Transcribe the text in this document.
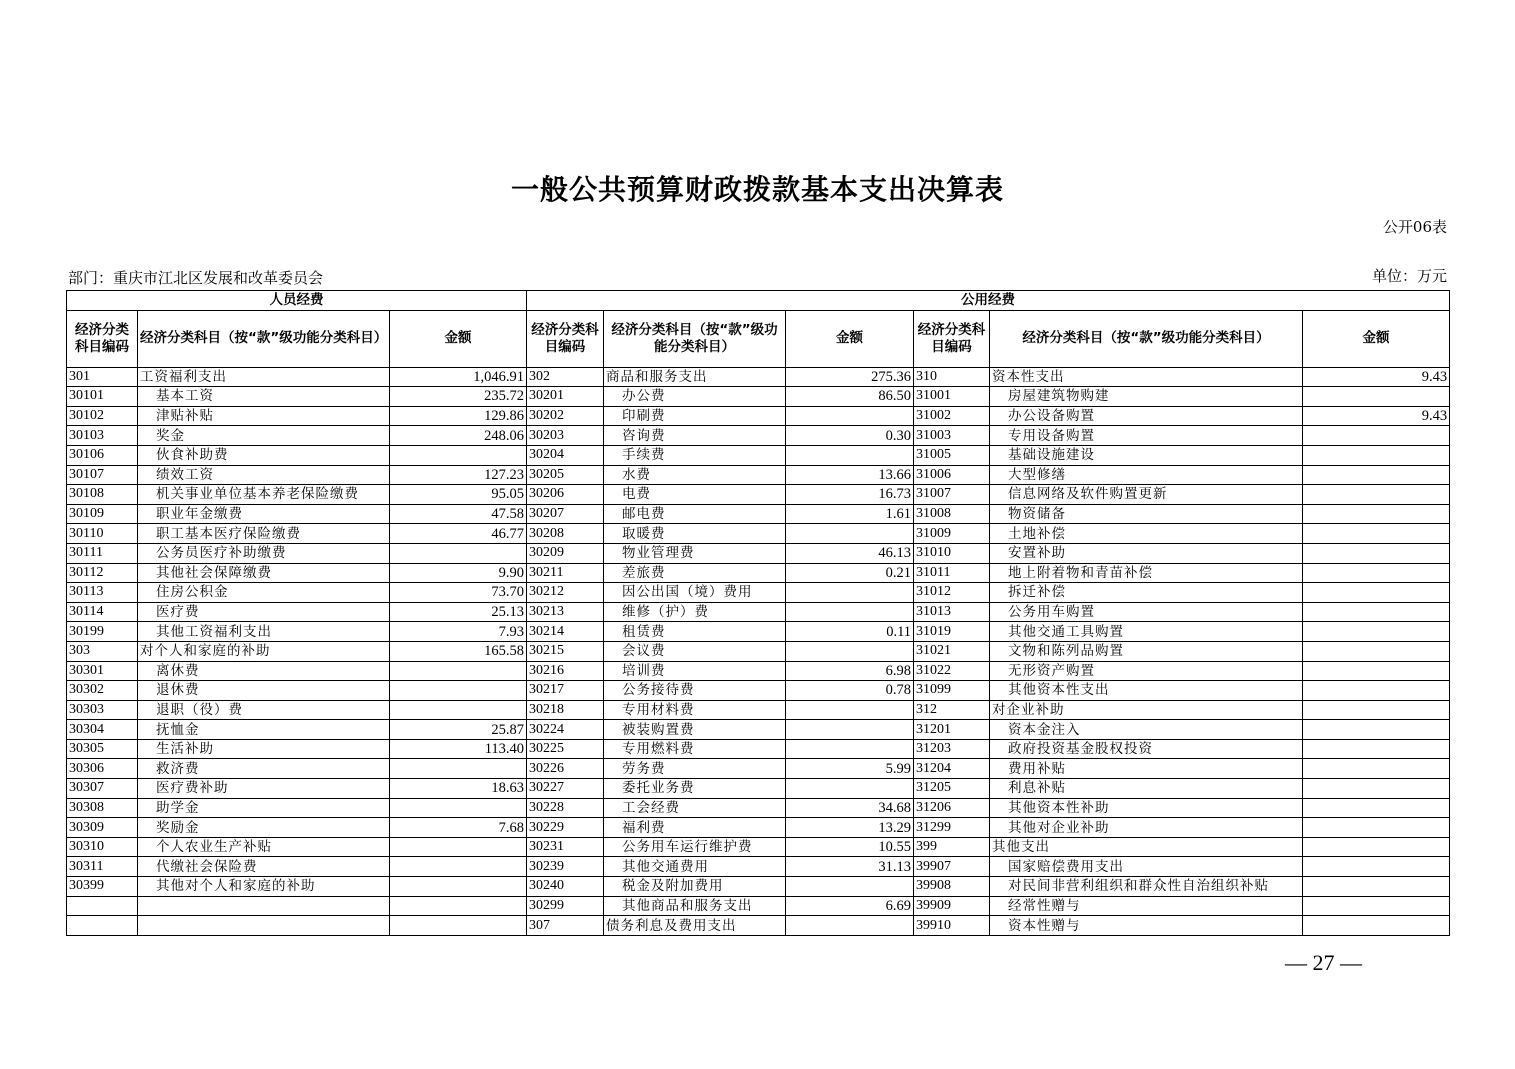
一般公共预算财政拨款基本支出决算表
公开06表
部门：重庆市江北区发展和改革委员会	单位：万元
人员经费			公用经费					
经济分类科目编码	经济分类科目（按“款”级功能分类科目）	金额	经济分类科目编码	经济分类科目（按“款”级功能分类科目）	金额	经济分类科目编码	经济分类科目（按“款”级功能分类科目）	金额
301	工资福利支出	1,046.91	302	商品和服务支出	275.36	310	资本性支出	9.43
30101	基本工资	235.72	30201	办公费	86.50	31001	房屋建筑物购建	
30102	津贴补贴	129.86	30202	印刷费		31002	办公设备购置	9.43
30103	奖金	248.06	30203	咨询费	0.30	31003	专用设备购置	
30106	伙食补助费		30204	手续费		31005	基础设施建设	
30107	绩效工资	127.23	30205	水费	13.66	31006	大型修缮	
30108	机关事业单位基本养老保险缴费	95.05	30206	电费	16.73	31007	信息网络及软件购置更新	
30109	职业年金缴费	47.58	30207	邮电费	1.61	31008	物资储备	
30110	职工基本医疗保险缴费	46.77	30208	取暖费		31009	土地补偿	
30111	公务员医疗补助缴费		30209	物业管理费	46.13	31010	安置补助	
30112	其他社会保障缴费	9.90	30211	差旅费	0.21	31011	地上附着物和青苗补偿	
30113	住房公积金	73.70	30212	因公出国（境）费用		31012	拆迁补偿	
30114	医疗费	25.13	30213	维修（护）费		31013	公务用车购置	
30199	其他工资福利支出	7.93	30214	租赁费	0.11	31019	其他交通工具购置	
303	对个人和家庭的补助	165.58	30215	会议费		31021	文物和陈列品购置	
30301	离休费		30216	培训费	6.98	31022	无形资产购置	
30302	退休费		30217	公务接待费	0.78	31099	其他资本性支出	
30303	退职（役）费		30218	专用材料费		312	对企业补助	
30304	抚恤金	25.87	30224	被装购置费		31201	资本金注入	
30305	生活补助	113.40	30225	专用燃料费		31203	政府投资基金股权投资	
30306	救济费		30226	劳务费	5.99	31204	费用补贴	
30307	医疗费补助	18.63	30227	委托业务费		31205	利息补贴	
30308	助学金		30228	工会经费	34.68	31206	其他资本性补助	
30309	奖励金	7.68	30229	福利费	13.29	31299	其他对企业补助	
30310	个人农业生产补贴		30231	公务用车运行维护费	10.55	399	其他支出	
30311	代缴社会保险费		30239	其他交通费用	31.13	39907	国家赔偿费用支出	
30399	其他对个人和家庭的补助		30240	税金及附加费用		39908	对民间非营利组织和群众性自治组织补贴	
			30299	其他商品和服务支出	6.69	39909	经常性赠与	
			307	债务利息及费用支出		39910	资本性赠与	
— 27 —
